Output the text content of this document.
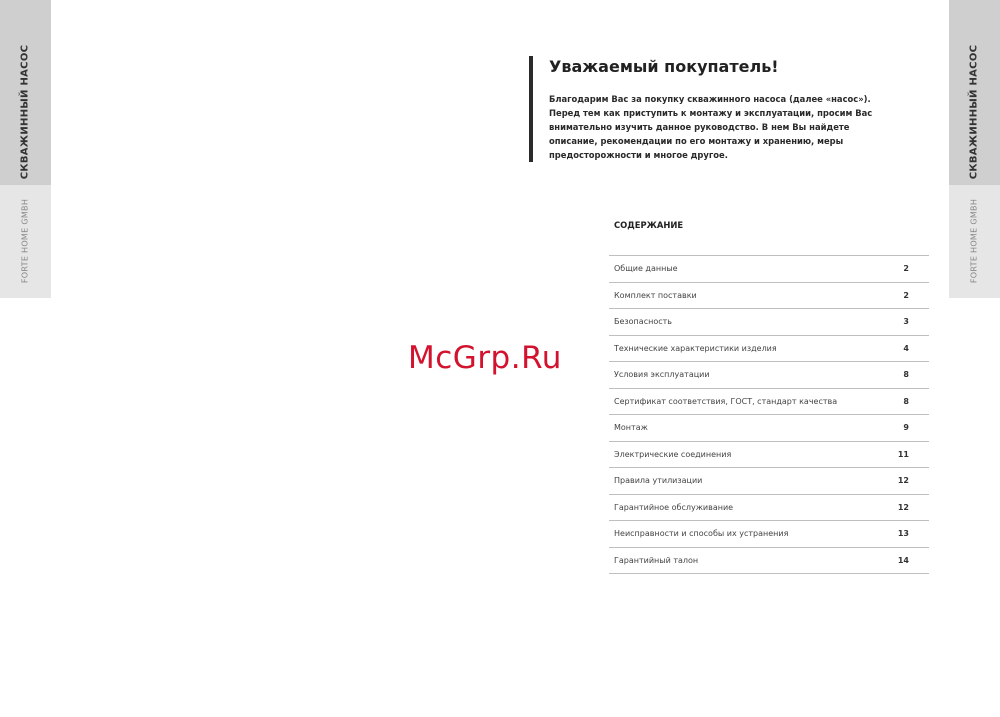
СКВАЖИННЫЙ НАСОС
FORTE HOME GMBH
СКВАЖИННЫЙ НАСОС
FORTE HOME GMBH
Уважаемый покупатель!

Благодарим Вас за покупку скважинного насоса (далее «насос»). Перед тем как приступить к монтажу и эксплуатации, просим Вас внимательно изучить данное руководство. В нем Вы найдете описание, рекомендации по его монтажу и хранению, меры предосторожности и многое другое.

СОДЕРЖАНИЕ
Общие данные	2
Комплект поставки	2
Безопасность	3
Технические характеристики изделия	4
Условия эксплуатации	8
Сертификат соответствия, ГОСТ, стандарт качества	8
Монтаж	9
Электрические соединения	11
Правила утилизации	12
Гарантийное обслуживание	12
Неисправности и способы их устранения	13
Гарантийный талон	14
McGrp.Ru
